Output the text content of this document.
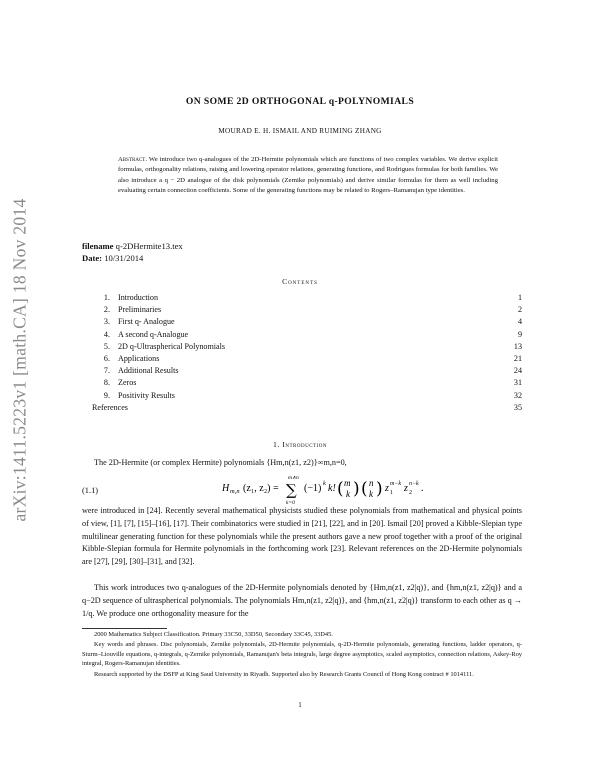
arXiv:1411.5223v1 [math.CA] 18 Nov 2014
ON SOME 2D ORTHOGONAL q-POLYNOMIALS
MOURAD E. H. ISMAIL AND RUIMING ZHANG
Abstract. We introduce two q-analogues of the 2D-Hermite polynomials which are functions of two complex variables. We derive explicit formulas, orthogonality relations, raising and lowering operator relations, generating functions, and Rodrigues formulas for both families. We also introduce a q − 2D analogue of the disk polynomials (Zernike polynomials) and derive similar formulas for them as well including evaluating certain connection coefficients. Some of the generating functions may be related to Rogers–Ramanujan type identities.
filename q-2DHermite13.tex
Date: 10/31/2014
Contents
1. Introduction	1
2. Preliminaries	2
3. First q- Analogue	4
4. A second q-Analogue	9
5. 2D q-Ultraspherical Polynomials	13
6. Applications	21
7. Additional Results	24
8. Zeros	31
9. Positivity Results	32
References	35
1. Introduction
The 2D-Hermite (or complex Hermite) polynomials {Hm,n(z1, z2)}∞m,n=0,
(1.1)	H m,n (z₁, z₂) =
m∧n
∑
k=0
(−1) k k! ( m
k ) ( n
k ) z 1
m−k z 2
n−k .
were introduced in [24]. Recently several mathematical physicists studied these polynomials from mathematical and physical points of view, [1], [7], [15]–[16], [17]. Their combinatorics were studied in [21], [22], and in [20]. Ismail [20] proved a Kibble-Slepian type multilinear generating function for these polynomials while the present authors gave a new proof together with a proof of the original Kibble-Slepian formula for Hermite polynomials in the forthcoming work [23]. Relevant references on the 2D-Hermite polynomials are [27], [29], [30]–[31], and [32].
This work introduces two q-analogues of the 2D-Hermite polynomials denoted by {Hm,n(z1, z2|q)}, and {hm,n(z1, z2|q)} and a q−2D sequence of ultraspherical polynomials. The polynomials Hm,n(z1, z2|q)}, and {hm,n(z1, z2|q)} transform to each other as q → 1/q. We produce one orthogonality measure for the
2000 Mathematics Subject Classification. Primary 33C50, 33D50, Secondary 33C45, 33D45.
Key words and phrases. Disc polynomials, Zernike polynomials, 2D-Hermite polynomials, q-2D-Hermite polynomials, generating functions, ladder operators, q-Sturm–Liouville equations, q-integrals, q-Zernike polynomials, Ramanujan's beta integrals, large degree asymptotics, scaled asymptotics, connection relations, Askey-Roy integral, Rogers-Ramanujan identities.
Research supported by the DSFP at King Saud University in Riyadh. Supported also by Research Grants Council of Hong Kong contract # 1014111.
1
